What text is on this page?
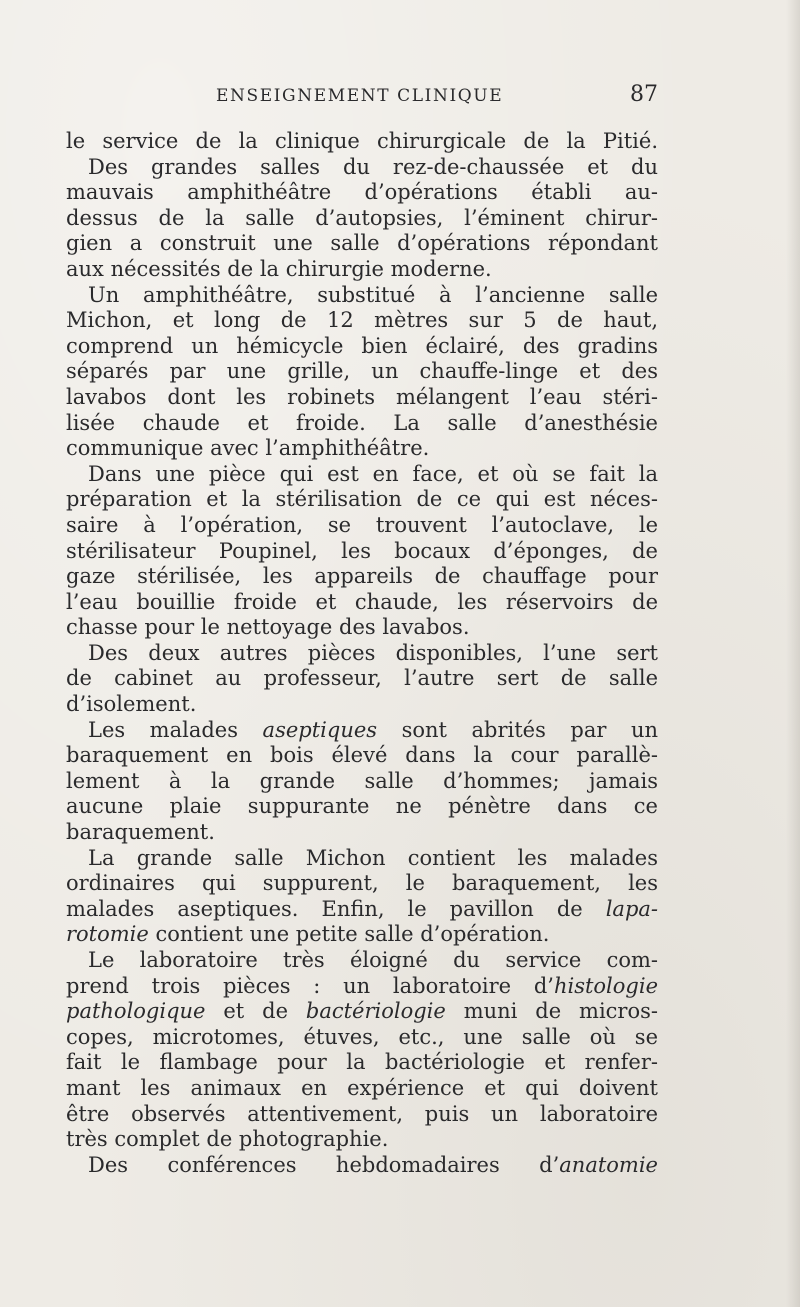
ENSEIGNEMENT CLINIQUE	87
le service de la clinique chirurgicale de la Pitié.
Des grandes salles du rez-de-chaussée et du
mauvais amphithéâtre d’opérations établi au-
dessus de la salle d’autopsies, l’éminent chirur-
gien a construit une salle d’opérations répondant
aux nécessités de la chirurgie moderne.
Un amphithéâtre, substitué à l’ancienne salle
Michon, et long de 12 mètres sur 5 de haut,
comprend un hémicycle bien éclairé, des gradins
séparés par une grille, un chauffe-linge et des
lavabos dont les robinets mélangent l’eau stéri-
lisée chaude et froide. La salle d’anesthésie
communique avec l’amphithéâtre.
Dans une pièce qui est en face, et où se fait la
préparation et la stérilisation de ce qui est néces-
saire à l’opération, se trouvent l’autoclave, le
stérilisateur Poupinel, les bocaux d’éponges, de
gaze stérilisée, les appareils de chauffage pour
l’eau bouillie froide et chaude, les réservoirs de
chasse pour le nettoyage des lavabos.
Des deux autres pièces disponibles, l’une sert
de cabinet au professeur, l’autre sert de salle
d’isolement.
Les malades aseptiques sont abrités par un
baraquement en bois élevé dans la cour parallè-
lement à la grande salle d’hommes; jamais
aucune plaie suppurante ne pénètre dans ce
baraquement.
La grande salle Michon contient les malades
ordinaires qui suppurent, le baraquement, les
malades aseptiques. Enfin, le pavillon de lapa-
rotomie contient une petite salle d’opération.
Le laboratoire très éloigné du service com-
prend trois pièces : un laboratoire d’histologie
pathologique et de bactériologie muni de micros-
copes, microtomes, étuves, etc., une salle où se
fait le flambage pour la bactériologie et renfer-
mant les animaux en expérience et qui doivent
être observés attentivement, puis un laboratoire
très complet de photographie.
Des conférences hebdomadaires d’anatomie
